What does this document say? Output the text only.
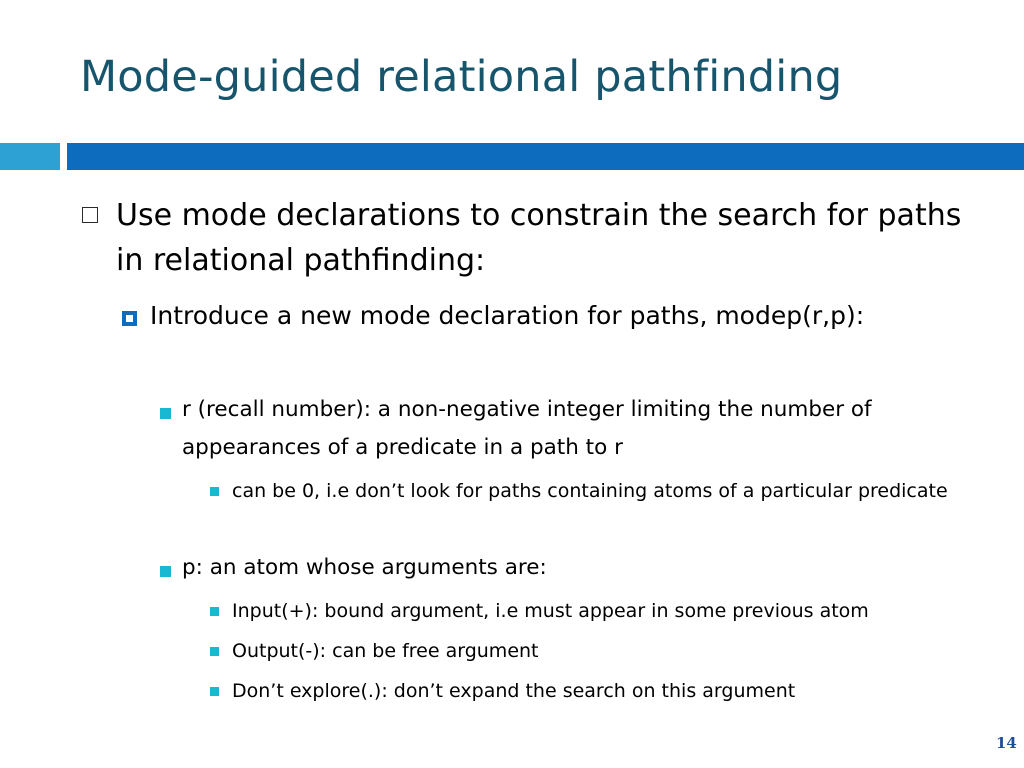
Mode-guided relational pathfinding
Use mode declarations to constrain the search for paths in relational pathfinding:
Introduce a new mode declaration for paths, modep(r,p):
r (recall number): a non-negative integer limiting the number of appearances of a predicate in a path to r
can be 0, i.e don’t look for paths containing atoms of a particular predicate
p: an atom whose arguments are:
Input(+): bound argument, i.e must appear in some previous atom
Output(-): can be free argument
Don’t explore(.): don’t expand the search on this argument
14
